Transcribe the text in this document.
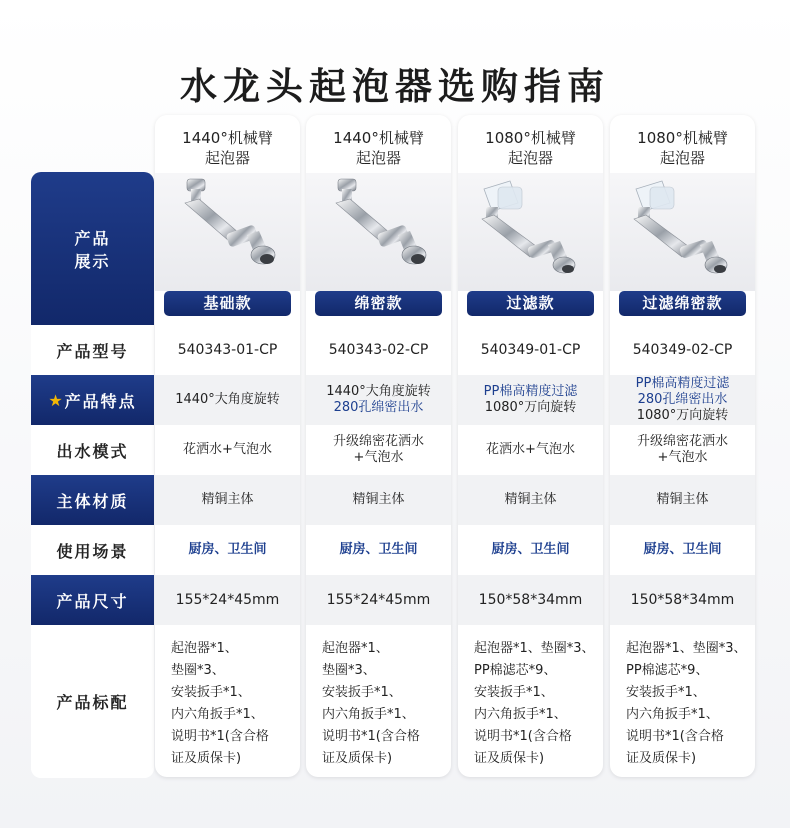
水龙头起泡器选购指南
产品
展示
产品型号
★ 产品特点
出水模式
主体材质
使用场景
产品尺寸
产品标配
1440°机械臂
起泡器
基础款
540343-01-CP
1440°大角度旋转
花洒水+气泡水
精铜主体
厨房、卫生间
155*24*45mm
起泡器*1、
垫圈*3、
安装扳手*1、
内六角扳手*1、
说明书*1(含合格
证及质保卡)
1440°机械臂
起泡器
绵密款
540343-02-CP
1440°大角度旋转
280孔绵密出水
升级绵密花洒水
+气泡水
精铜主体
厨房、卫生间
155*24*45mm
起泡器*1、
垫圈*3、
安装扳手*1、
内六角扳手*1、
说明书*1(含合格
证及质保卡)
1080°机械臂
起泡器
过滤款
540349-01-CP
PP棉高精度过滤
1080°万向旋转
花洒水+气泡水
精铜主体
厨房、卫生间
150*58*34mm
起泡器*1、垫圈*3、
PP棉滤芯*9、
安装扳手*1、
内六角扳手*1、
说明书*1(含合格
证及质保卡)
1080°机械臂
起泡器
过滤绵密款
540349-02-CP
PP棉高精度过滤
280孔绵密出水
1080°万向旋转
升级绵密花洒水
+气泡水
精铜主体
厨房、卫生间
150*58*34mm
起泡器*1、垫圈*3、
PP棉滤芯*9、
安装扳手*1、
内六角扳手*1、
说明书*1(含合格
证及质保卡)
